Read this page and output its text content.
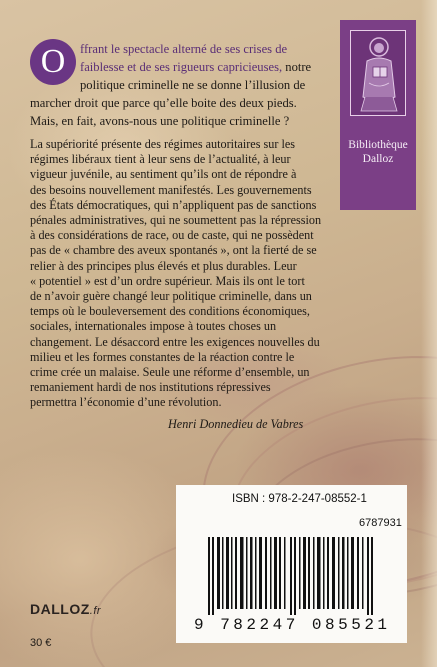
Bibliothèque
Dalloz
O	ffrant le spectacle alterné de ses crises de
faiblesse et de ses rigueurs capricieuses, notre
politique criminelle ne se donne l’illusion de
marcher droit que parce qu’elle boite des deux pieds.
Mais, en fait, avons-nous une politique criminelle ?
La supériorité présente des régimes autoritaires sur les
régimes libéraux tient à leur sens de l’actualité, à leur
vigueur juvénile, au sentiment qu’ils ont de répondre à
des besoins nouvellement manifestés. Les gouvernements
des États démocratiques, qui n’appliquent pas de sanctions
pénales administratives, qui ne soumettent pas la répression
à des considérations de race, ou de caste, qui ne possèdent
pas de « chambre des aveux spontanés », ont la fierté de se
relier à des principes plus élevés et plus durables. Leur
« potentiel » est d’un ordre supérieur. Mais ils ont le tort
de n’avoir guère changé leur politique criminelle, dans un
temps où le bouleversement des conditions économiques,
sociales, internationales impose à toutes choses un
changement. Le désaccord entre les exigences nouvelles du
milieu et les formes constantes de la réaction contre le
crime crée un malaise. Seule une réforme d’ensemble, un
remaniement hardi de nos institutions répressives
Henri Donnedieu de Vabres
ISBN : 978-2-247-08552-1
6787931
9 782247 085521
DALLOZ.fr
30 €
permettra l’économie d’une révolution.
